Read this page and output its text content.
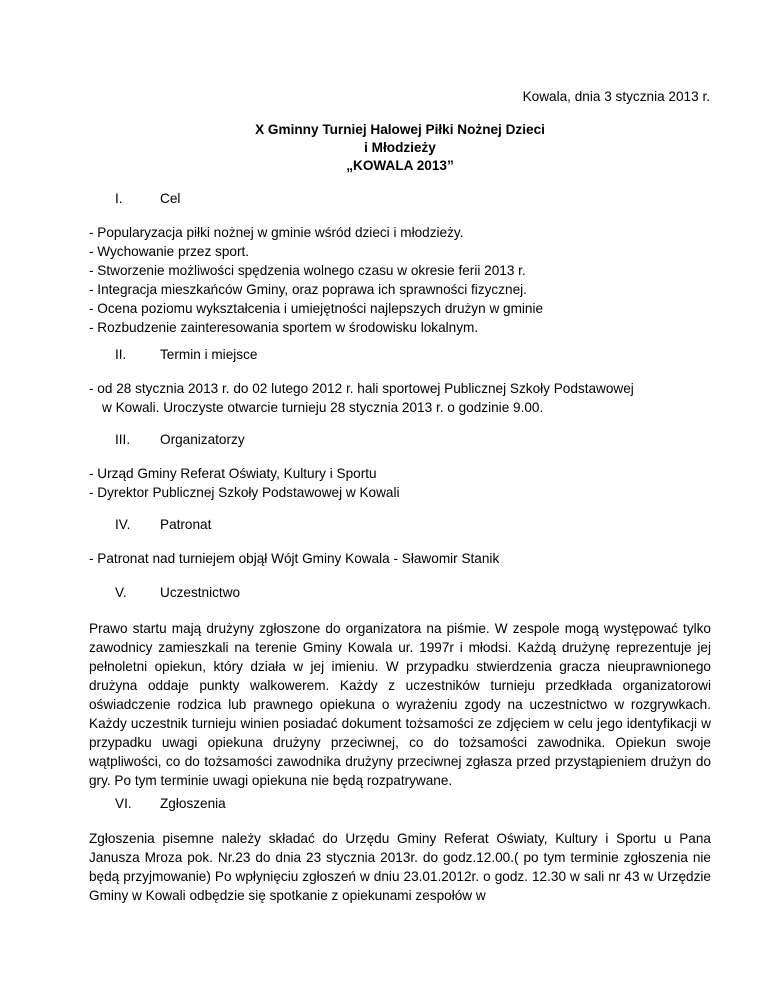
Kowala, dnia 3 stycznia 2013 r.
X Gminny Turniej Halowej Piłki Nożnej Dzieci
i Młodzieży
„KOWALA 2013”
I.	Cel
- Popularyzacja piłki nożnej w gminie wśród dzieci i młodzieży.
- Wychowanie przez sport.
- Stworzenie możliwości spędzenia wolnego czasu w okresie ferii 2013 r.
- Integracja mieszkańców Gminy, oraz poprawa ich sprawności fizycznej.
- Ocena poziomu wykształcenia i umiejętności najlepszych drużyn w gminie
- Rozbudzenie zainteresowania sportem w środowisku lokalnym.
II.	Termin i miejsce
- od 28 stycznia 2013 r. do 02 lutego 2012 r. hali sportowej Publicznej Szkoły Podstawowej
w Kowali. Uroczyste otwarcie turnieju 28 stycznia 2013 r. o godzinie 9.00.
III.	Organizatorzy
- Urząd Gminy Referat Oświaty, Kultury i Sportu
- Dyrektor Publicznej Szkoły Podstawowej w Kowali
IV.	Patronat
- Patronat nad turniejem objął Wójt Gminy Kowala - Sławomir Stanik
V.	Uczestnictwo

Prawo startu mają drużyny zgłoszone do organizatora na piśmie. W zespole mogą występować tylko zawodnicy zamieszkali na terenie Gminy Kowala ur. 1997r i młodsi. Każdą drużynę reprezentuje jej pełnoletni opiekun, który działa w jej imieniu. W przypadku stwierdzenia gracza nieuprawnionego drużyna oddaje punkty walkowerem. Każdy z uczestników turnieju przedkłada organizatorowi oświadczenie rodzica lub prawnego opiekuna o wyrażeniu zgody na uczestnictwo w rozgrywkach. Każdy uczestnik turnieju winien posiadać dokument tożsamości ze zdjęciem w celu jego identyfikacji w przypadku uwagi opiekuna drużyny przeciwnej, co do tożsamości zawodnika. Opiekun swoje wątpliwości, co do tożsamości zawodnika drużyny przeciwnej zgłasza przed przystąpieniem drużyn do gry. Po tym terminie uwagi opiekuna nie będą rozpatrywane.

VI.	Zgłoszenia

Zgłoszenia pisemne należy składać do Urzędu Gminy Referat Oświaty, Kultury i Sportu u Pana Janusza Mroza pok. Nr.23 do dnia 23 stycznia 2013r. do godz.12.00.( po tym terminie zgłoszenia nie będą przyjmowanie) Po wpłynięciu zgłoszeń w dniu 23.01.2012r. o godz. 12.30 w sali nr 43 w Urzędzie Gminy w Kowali odbędzie się spotkanie z opiekunami zespołów w
